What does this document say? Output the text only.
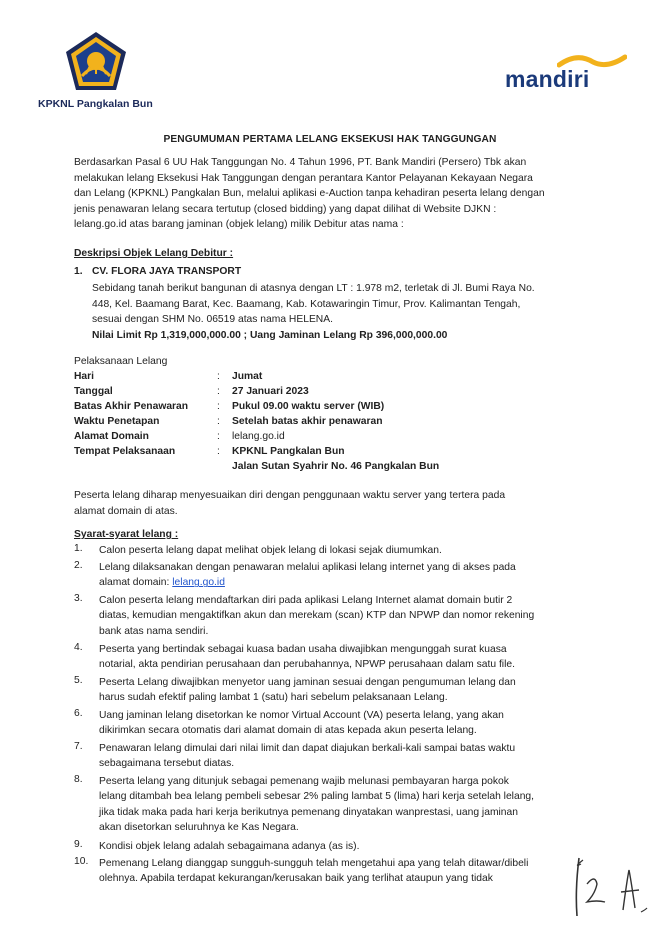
KPKNL Pangkalan Bun
mandiri
PENGUMUMAN PERTAMA LELANG EKSEKUSI HAK TANGGUNGAN
Berdasarkan Pasal 6 UU Hak Tanggungan No. 4 Tahun 1996, PT. Bank Mandiri (Persero) Tbk akan
melakukan lelang Eksekusi Hak Tanggungan dengan perantara Kantor Pelayanan Kekayaan Negara
dan Lelang (KPKNL) Pangkalan Bun, melalui aplikasi e-Auction tanpa kehadiran peserta lelang dengan
jenis penawaran lelang secara tertutup (closed bidding) yang dapat dilihat di Website DJKN :
lelang.go.id atas barang jaminan (objek lelang) milik Debitur atas nama :
Deskripsi Objek Lelang Debitur :
1. CV. FLORA JAYA TRANSPORT
Sebidang tanah berikut bangunan di atasnya dengan LT : 1.978 m2, terletak di Jl. Bumi Raya No.
448, Kel. Baamang Barat, Kec. Baamang, Kab. Kotawaringin Timur, Prov. Kalimantan Tengah,
sesuai dengan SHM No. 06519 atas nama HELENA.
Nilai Limit Rp 1,319,000,000.00 ; Uang Jaminan Lelang Rp 396,000,000.00
Pelaksanaan Lelang
Hari	: Jumat
Tanggal	: 27 Januari 2023
Batas Akhir Penawaran	: Pukul 09.00 waktu server (WIB)
Waktu Penetapan	: Setelah batas akhir penawaran
Alamat Domain	: lelang.go.id
Tempat Pelaksanaan	: KPKNL Pangkalan Bun
Jalan Sutan Syahrir No. 46 Pangkalan Bun
Peserta lelang diharap menyesuaikan diri dengan penggunaan waktu server yang tertera pada
alamat domain di atas.
Syarat-syarat lelang :
1. Calon peserta lelang dapat melihat objek lelang di lokasi sejak diumumkan.
2. Lelang dilaksanakan dengan penawaran melalui aplikasi lelang internet yang di akses pada
alamat domain: lelang.go.id
3. Calon peserta lelang mendaftarkan diri pada aplikasi Lelang Internet alamat domain butir 2
diatas, kemudian mengaktifkan akun dan merekam (scan) KTP dan NPWP dan nomor rekening
bank atas nama sendiri.
4. Peserta yang bertindak sebagai kuasa badan usaha diwajibkan mengunggah surat kuasa
notarial, akta pendirian perusahaan dan perubahannya, NPWP perusahaan dalam satu file.
5. Peserta Lelang diwajibkan menyetor uang jaminan sesuai dengan pengumuman lelang dan
harus sudah efektif paling lambat 1 (satu) hari sebelum pelaksanaan Lelang.
6. Uang jaminan lelang disetorkan ke nomor Virtual Account (VA) peserta lelang, yang akan
dikirimkan secara otomatis dari alamat domain di atas kepada akun peserta lelang.
7. Penawaran lelang dimulai dari nilai limit dan dapat diajukan berkali-kali sampai batas waktu
sebagaimana tersebut diatas.
8. Peserta lelang yang ditunjuk sebagai pemenang wajib melunasi pembayaran harga pokok
lelang ditambah bea lelang pembeli sebesar 2% paling lambat 5 (lima) hari kerja setelah lelang,
jika tidak maka pada hari kerja berikutnya pemenang dinyatakan wanprestasi, uang jaminan
akan disetorkan seluruhnya ke Kas Negara.
9. Kondisi objek lelang adalah sebagaimana adanya (as is).
10. Pemenang Lelang dianggap sungguh-sungguh telah mengetahui apa yang telah ditawar/dibeli
olehnya. Apabila terdapat kekurangan/kerusakan baik yang terlihat ataupun yang tidak
